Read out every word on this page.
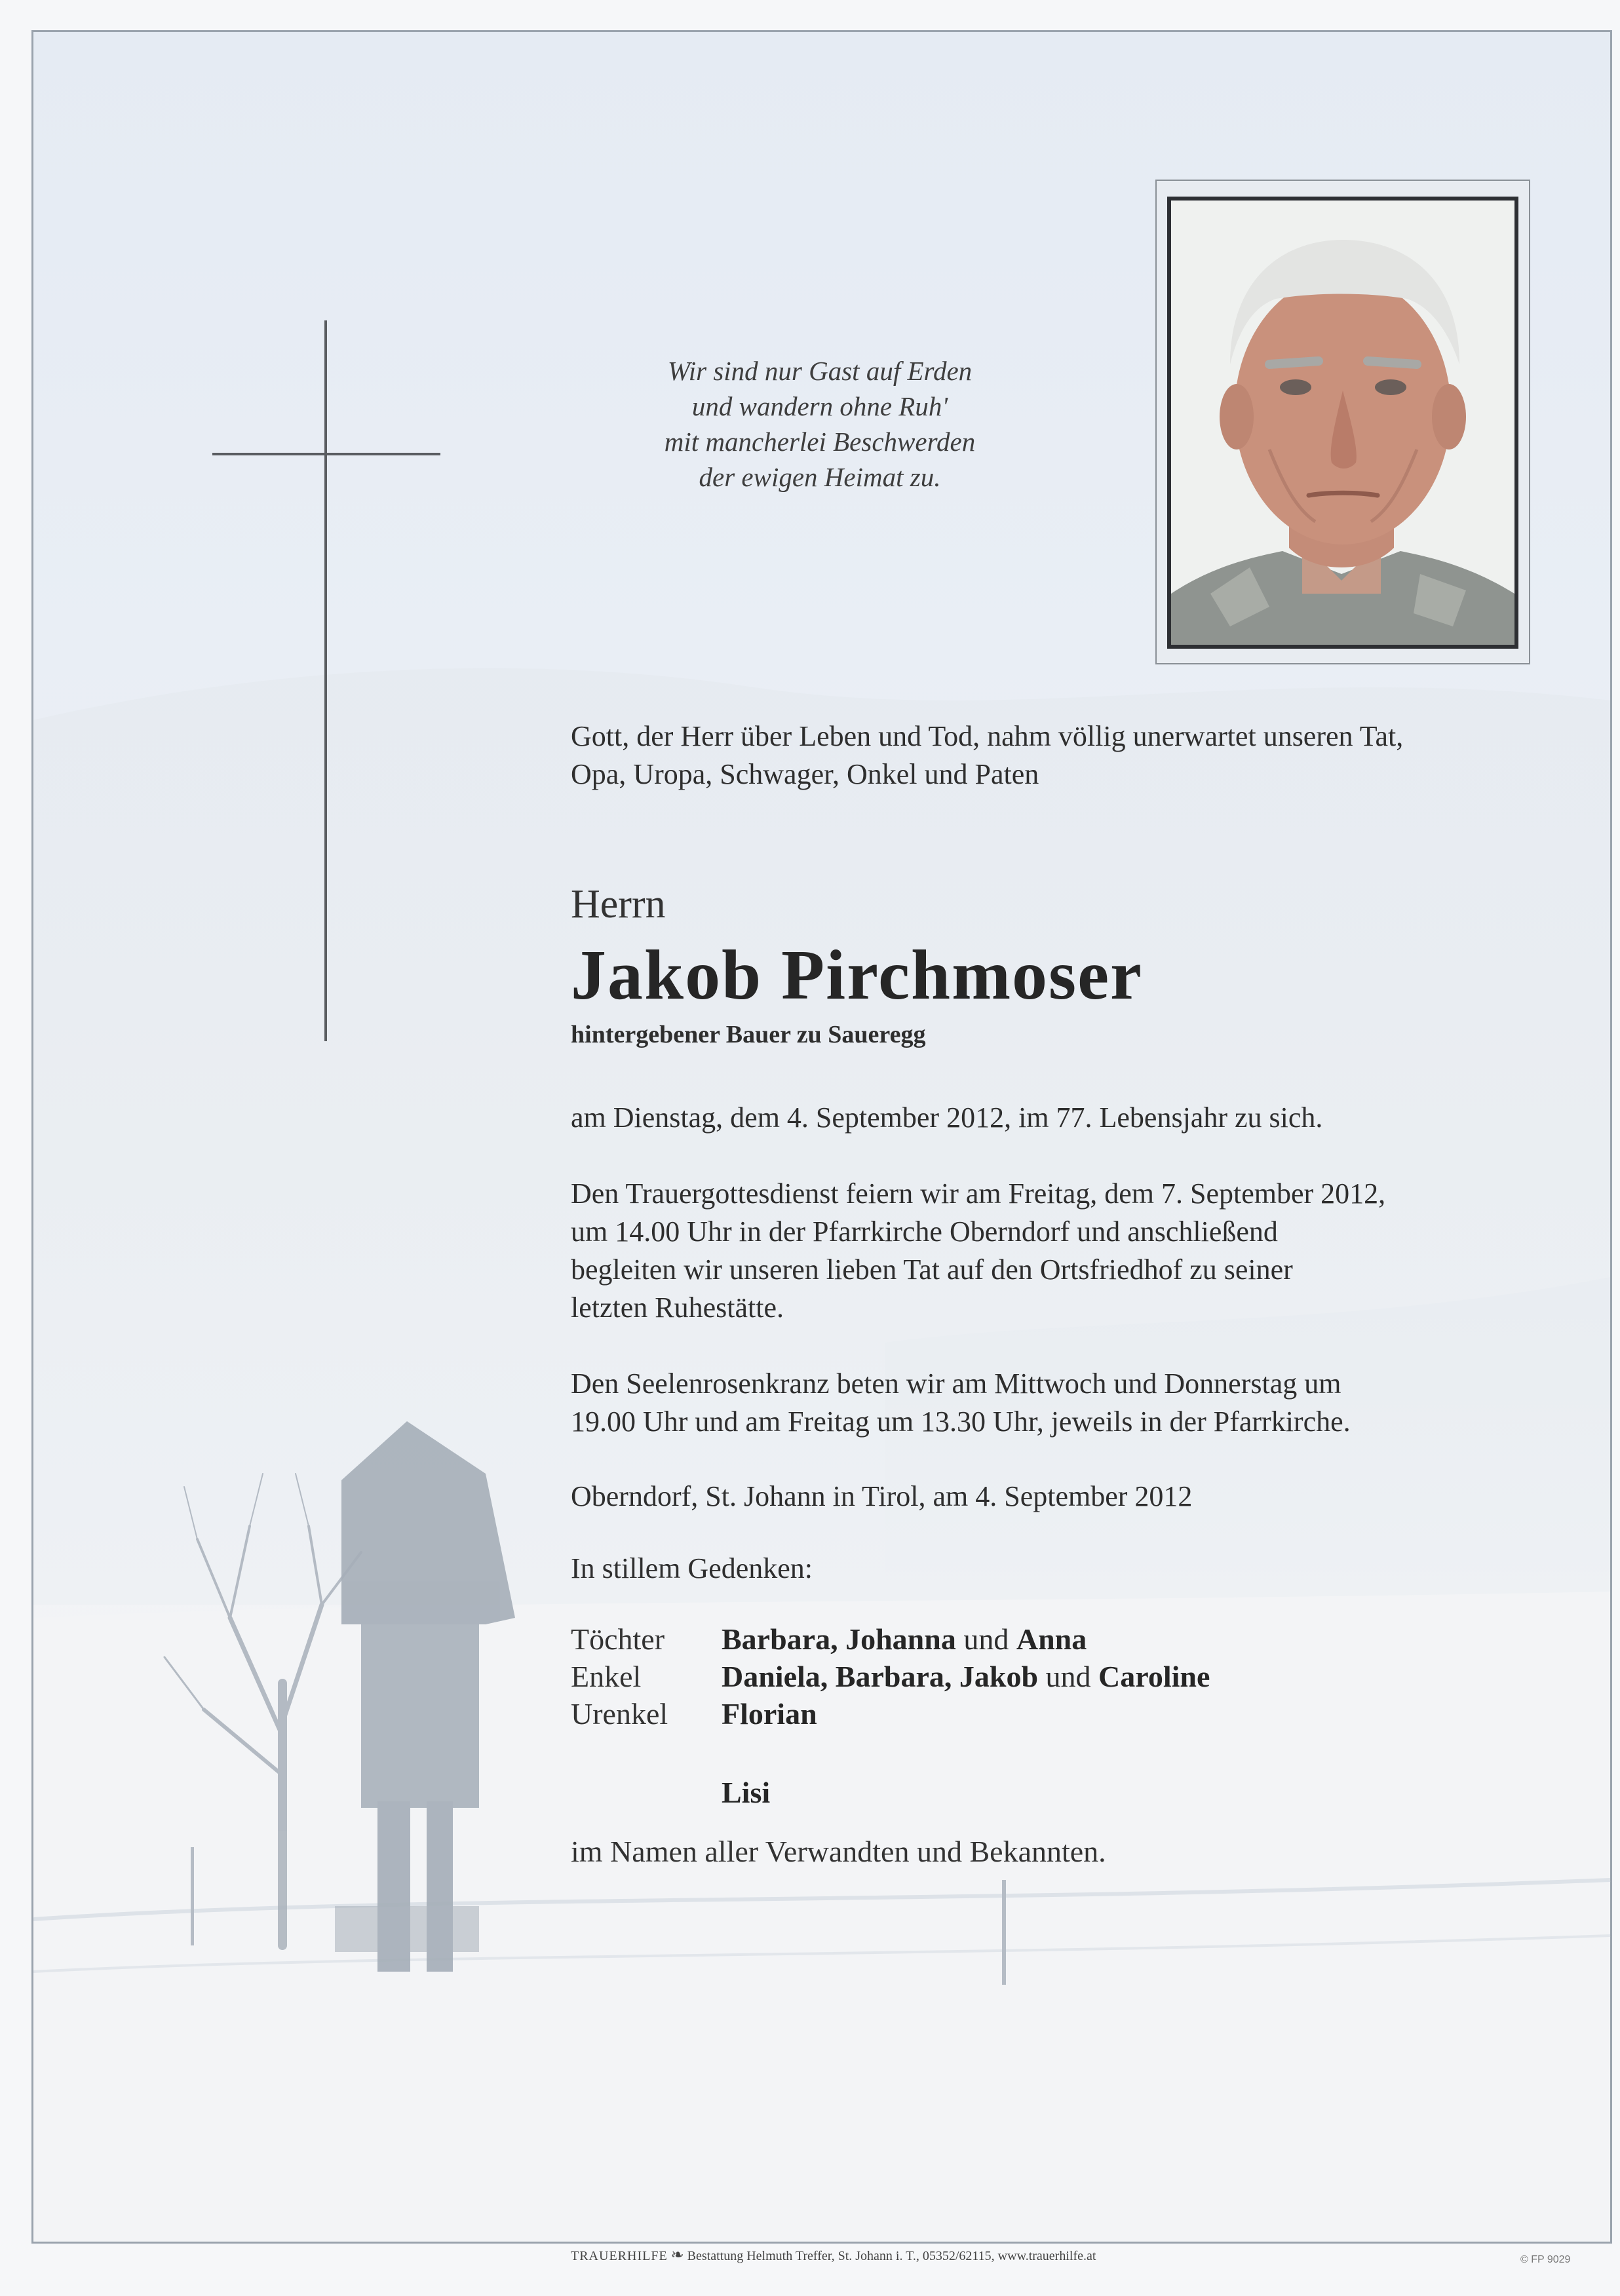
Wir sind nur Gast auf Erden
und wandern ohne Ruh'
mit mancherlei Beschwerden
der ewigen Heimat zu.
Gott, der Herr über Leben und Tod, nahm völlig unerwartet unseren Tat,
Opa, Uropa, Schwager, Onkel und Paten
Herrn
Jakob Pirchmoser
hintergebener Bauer zu Saueregg
am Dienstag, dem 4. September 2012, im 77. Lebensjahr zu sich.
Den Trauergottesdienst feiern wir am Freitag, dem 7. September 2012,
um 14.00 Uhr in der Pfarrkirche Oberndorf und anschließend
begleiten wir unseren lieben Tat auf den Ortsfriedhof zu seiner
letzten Ruhestätte.
Den Seelenrosenkranz beten wir am Mittwoch und Donnerstag um
19.00 Uhr und am Freitag um 13.30 Uhr, jeweils in der Pfarrkirche.
Oberndorf, St. Johann in Tirol, am 4. September 2012
In stillem Gedenken:
Töchter	Barbara, Johanna und Anna
Enkel	Daniela, Barbara, Jakob und Caroline
Urenkel	Florian
Lisi
im Namen aller Verwandten und Bekannten.
TRAUERHILFE ❧ Bestattung Helmuth Treffer, St. Johann i. T., 05352/62115, www.trauerhilfe.at	© FP 9029
